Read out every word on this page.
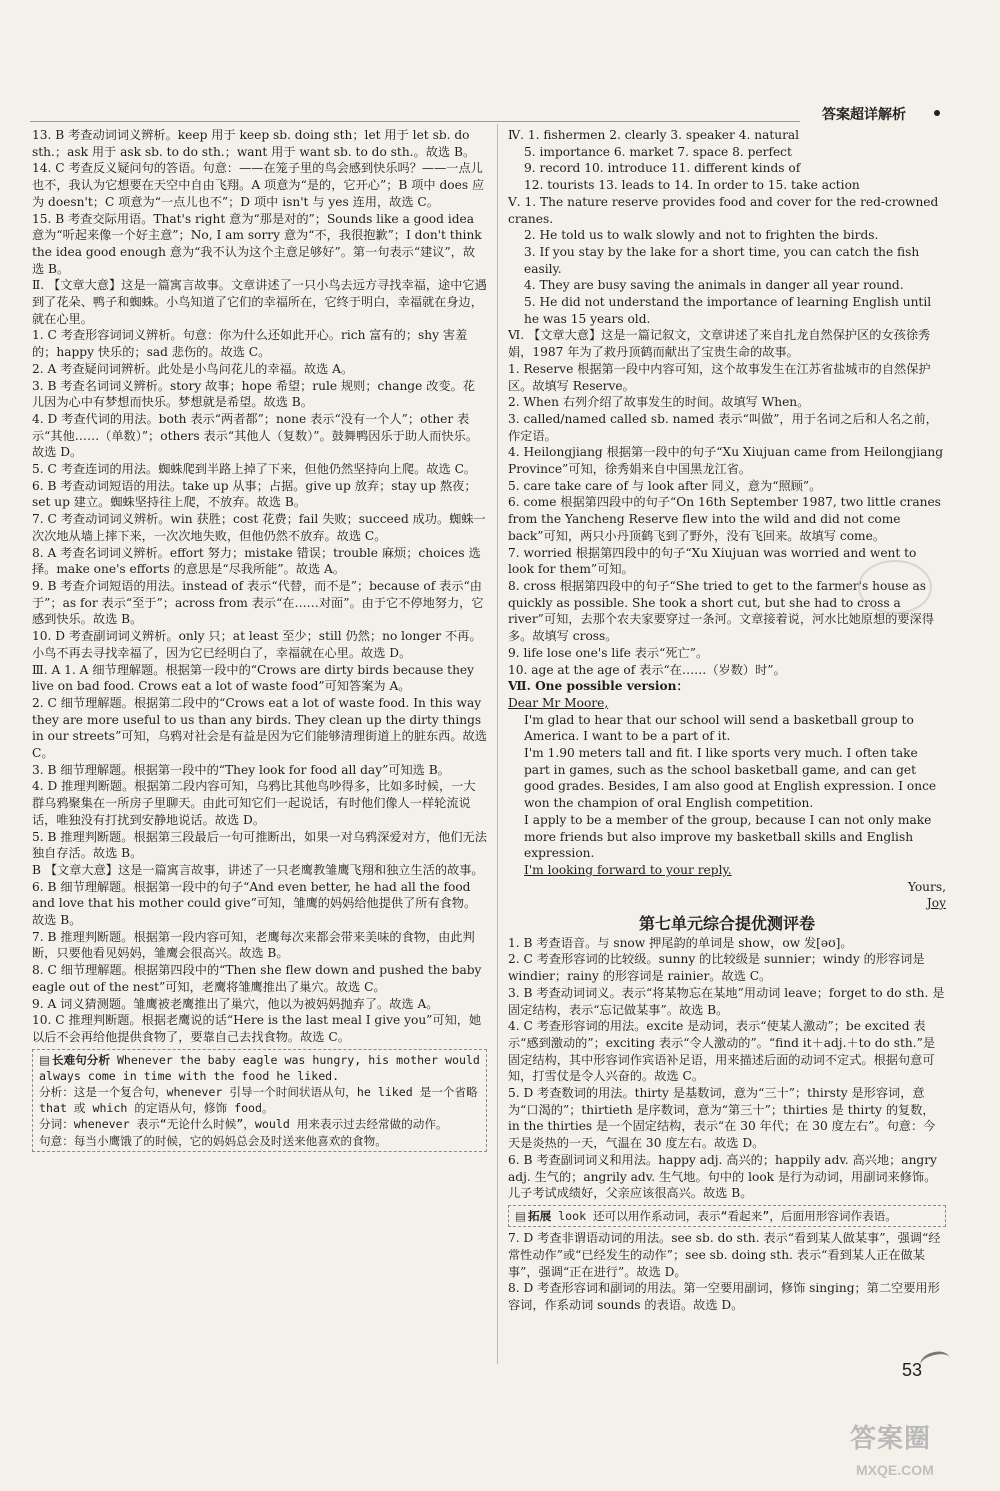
答案超详解析

13. B 考查动词词义辨析。keep 用于 keep sb. doing sth；let 用于 let sb. do sth.；ask 用于 ask sb. to do sth.；want 用于 want sb. to do sth.。故选 B。

14. C 考查反义疑问句的答语。句意：——在笼子里的鸟会感到快乐吗？——一点儿也不，我认为它想要在天空中自由飞翔。A 项意为“是的，它开心”；B 项中 does 应为 doesn't；C 项意为“一点儿也不”；D 项中 isn't 与 yes 连用，故选 C。

15. B 考查交际用语。That's right 意为“那是对的”；Sounds like a good idea 意为“听起来像一个好主意”；No, I am sorry 意为“不，我很抱歉”；I don't think the idea good enough 意为“我不认为这个主意足够好”。第一句表示“建议”，故选 B。

Ⅱ. 【文章大意】这是一篇寓言故事。文章讲述了一只小鸟去远方寻找幸福，途中它遇到了花朵、鸭子和蜘蛛。小鸟知道了它们的幸福所在，它终于明白，幸福就在身边，就在心里。

1. C 考查形容词词义辨析。句意：你为什么还如此开心。rich 富有的；shy 害羞的；happy 快乐的；sad 悲伤的。故选 C。

2. A 考查疑问词辨析。此处是小鸟问花儿的幸福。故选 A。

3. B 考查名词词义辨析。story 故事；hope 希望；rule 规则；change 改变。花儿因为心中有梦想而快乐。梦想就是希望。故选 B。

4. D 考查代词的用法。both 表示“两者都”；none 表示“没有一个人”；other 表示“其他……（单数）”；others 表示“其他人（复数）”。鼓舞鸭因乐于助人而快乐。故选 D。

5. C 考查连词的用法。蜘蛛爬到半路上掉了下来，但他仍然坚持向上爬。故选 C。

6. B 考查动词短语的用法。take up 从事；占据。give up 放弃；stay up 熬夜；set up 建立。蜘蛛坚持往上爬，不放弃。故选 B。

7. C 考查动词词义辨析。win 获胜；cost 花费；fail 失败；succeed 成功。蜘蛛一次次地从墙上摔下来，一次次地失败，但他仍然不放弃。故选 C。

8. A 考查名词词义辨析。effort 努力；mistake 错误；trouble 麻烦；choices 选择。make one's efforts 的意思是“尽我所能”。故选 A。

9. B 考查介词短语的用法。instead of 表示“代替，而不是”；because of 表示“由于”；as for 表示“至于”；across from 表示“在……对面”。由于它不停地努力，它感到快乐。故选 B。

10. D 考查副词词义辨析。only 只；at least 至少；still 仍然；no longer 不再。小鸟不再去寻找幸福了，因为它已经明白了，幸福就在心里。故选 D。

Ⅲ. A 1. A 细节理解题。根据第一段中的“Crows are dirty birds because they live on bad food. Crows eat a lot of waste food”可知答案为 A。

2. C 细节理解题。根据第二段中的“Crows eat a lot of waste food. In this way they are more useful to us than any birds. They clean up the dirty things in our streets”可知，乌鸦对社会是有益是因为它们能够清理街道上的脏东西。故选 C。

3. B 细节理解题。根据第一段中的“They look for food all day”可知选 B。

4. D 推理判断题。根据第二段内容可知，乌鸦比其他鸟吵得多，比如多时候，一大群乌鸦聚集在一所房子里聊天。由此可知它们一起说话，有时他们像人一样轮流说话，唯独没有打扰到安静地说话。故选 D。

5. B 推理判断题。根据第三段最后一句可推断出，如果一对乌鸦深爱对方，他们无法独自存活。故选 B。

B 【文章大意】这是一篇寓言故事，讲述了一只老鹰教雏鹰飞翔和独立生活的故事。

6. B 细节理解题。根据第一段中的句子“And even better, he had all the food and love that his mother could give”可知，雏鹰的妈妈给他提供了所有食物。故选 B。

7. B 推理判断题。根据第一段内容可知，老鹰每次来都会带来美味的食物，由此判断，只要他看见妈妈，雏鹰会很高兴。故选 B。

8. C 细节理解题。根据第四段中的“Then she flew down and pushed the baby eagle out of the nest”可知，老鹰将雏鹰推出了巢穴。故选 C。

9. A 词义猜测题。雏鹰被老鹰推出了巢穴，他以为被妈妈抛弃了。故选 A。

10. C 推理判断题。根据老鹰说的话“Here is the last meal I give you”可知，她以后不会再给他提供食物了，要靠自己去找食物。故选 C。

▤ 长难句分析 Whenever the baby eagle was hungry, his mother would always come in time with the food he liked.

分析：这是一个复合句，whenever 引导一个时间状语从句，he liked 是一个省略 that 或 which 的定语从句，修饰 food。

分词：whenever 表示“无论什么时候”，would 用来表示过去经常做的动作。

句意：每当小鹰饿了的时候，它的妈妈总会及时送来他喜欢的食物。

Ⅳ. 1. fishermen 2. clearly 3. speaker 4. natural

5. importance 6. market 7. space 8. perfect

9. record 10. introduce 11. different kinds of

12. tourists 13. leads to 14. In order to 15. take action

Ⅴ. 1. The nature reserve provides food and cover for the red-crowned cranes.

2. He told us to walk slowly and not to frighten the birds.

3. If you stay by the lake for a short time, you can catch the fish easily.

4. They are busy saving the animals in danger all year round.

5. He did not understand the importance of learning English until he was 15 years old.

Ⅵ. 【文章大意】这是一篇记叙文，文章讲述了来自扎龙自然保护区的女孩徐秀娟，1987 年为了救丹顶鹤而献出了宝贵生命的故事。

1. Reserve 根据第一段中内容可知，这个故事发生在江苏省盐城市的自然保护区。故填写 Reserve。

2. When 右列介绍了故事发生的时间。故填写 When。

3. called/named called sb. named 表示“叫做”，用于名词之后和人名之前，作定语。

4. Heilongjiang 根据第一段中的句子“Xu Xiujuan came from Heilongjiang Province”可知，徐秀娟来自中国黑龙江省。

5. care take care of 与 look after 同义，意为“照顾”。

6. come 根据第四段中的句子“On 16th September 1987, two little cranes from the Yancheng Reserve flew into the wild and did not come back”可知，两只小丹顶鹤飞到了野外，没有飞回来。故填写 come。

7. worried 根据第四段中的句子“Xu Xiujuan was worried and went to look for them”可知。

8. cross 根据第四段中的句子“She tried to get to the farmer's house as quickly as possible. She took a short cut, but she had to cross a river”可知，去那个农夫家要穿过一条河。文章接着说，河水比她原想的要深得多。故填写 cross。

9. life lose one's life 表示“死亡”。

10. age at the age of 表示“在……（岁数）时”。

Ⅶ. One possible version：

Dear Mr Moore,

I'm glad to hear that our school will send a basketball group to America. I want to be a part of it.

I'm 1.90 meters tall and fit. I like sports very much. I often take part in games, such as the school basketball game, and can get good grades. Besides, I am also good at English expression. I once won the champion of oral English competition.

I apply to be a member of the group, because I can not only make more friends but also improve my basketball skills and English expression.

I'm looking forward to your reply.

Yours,

Joy

第七单元综合提优测评卷

1. B 考查语音。与 snow 押尾韵的单词是 show，ow 发[əʊ]。

2. C 考查形容词的比较级。sunny 的比较级是 sunnier；windy 的形容词是 windier；rainy 的形容词是 rainier。故选 C。

3. B 考查动词词义。表示“将某物忘在某地”用动词 leave；forget to do sth. 是固定结构，表示“忘记做某事”。故选 B。

4. C 考查形容词的用法。excite 是动词，表示“使某人激动”；be excited 表示“感到激动的”；exciting 表示“令人激动的”。“find it＋adj.＋to do sth.”是固定结构，其中形容词作宾语补足语，用来描述后面的动词不定式。根据句意可知，打雪仗是令人兴奋的。故选 C。

5. D 考查数词的用法。thirty 是基数词，意为“三十”；thirsty 是形容词，意为“口渴的”；thirtieth 是序数词，意为“第三十”；thirties 是 thirty 的复数，in the thirties 是一个固定结构，表示“在 30 年代；在 30 度左右”。句意：今天是炎热的一天，气温在 30 度左右。故选 D。

6. B 考查副词词义和用法。happy adj. 高兴的；happily adv. 高兴地；angry adj. 生气的；angrily adv. 生气地。句中的 look 是行为动词，用副词来修饰。儿子考试成绩好，父亲应该很高兴。故选 B。

▤ 拓展 look 还可以用作系动词，表示“看起来”，后面用形容词作表语。

7. D 考查非谓语动词的用法。see sb. do sth. 表示“看到某人做某事”，强调“经常性动作”或“已经发生的动作”；see sb. doing sth. 表示“看到某人正在做某事”，强调“正在进行”。故选 D。

8. D 考查形容词和副词的用法。第一空要用副词，修饰 singing；第二空要用形容词，作系动词 sounds 的表语。故选 D。

53
答案圈
MXQE.COM
